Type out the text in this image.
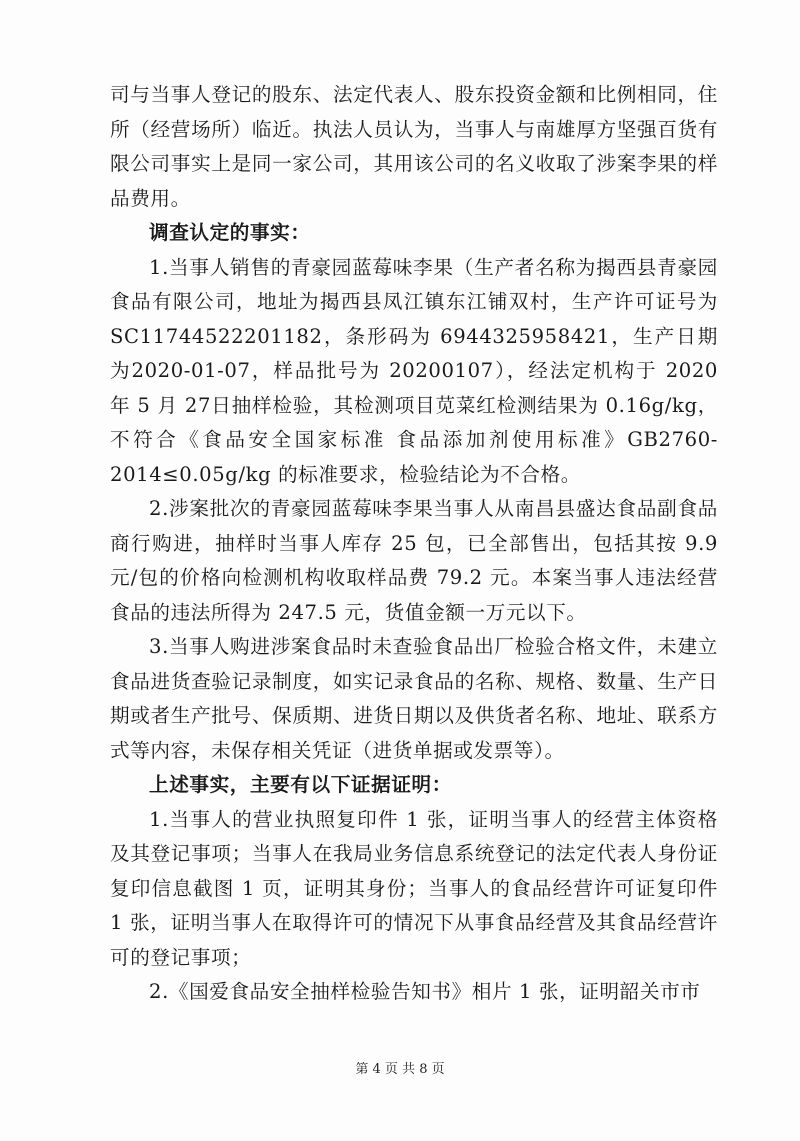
司与当事人登记的股东、法定代表人、股东投资金额和比例相同，住所（经营场所）临近。执法人员认为，当事人与南雄厚方坚强百货有限公司事实上是同一家公司，其用该公司的名义收取了涉案李果的样品费用。

调查认定的事实：

1.当事人销售的青豪园蓝莓味李果（生产者名称为揭西县青豪园食品有限公司，地址为揭西县凤江镇东江铺双村，生产许可证号为 SC11744522201182，条形码为 6944325958421，生产日期为2020-01-07，样品批号为 20200107），经法定机构于 2020 年 5 月 27日抽样检验，其检测项目苋菜红检测结果为 0.16g/kg，不符合《食品安全国家标准 食品添加剂使用标准》GB2760-2014≤0.05g/kg 的标准要求，检验结论为不合格。

2.涉案批次的青豪园蓝莓味李果当事人从南昌县盛达食品副食品商行购进，抽样时当事人库存 25 包，已全部售出，包括其按 9.9元/包的价格向检测机构收取样品费 79.2 元。本案当事人违法经营食品的违法所得为 247.5 元，货值金额一万元以下。

3.当事人购进涉案食品时未查验食品出厂检验合格文件，未建立食品进货查验记录制度，如实记录食品的名称、规格、数量、生产日期或者生产批号、保质期、进货日期以及供货者名称、地址、联系方式等内容，未保存相关凭证（进货单据或发票等）。

上述事实，主要有以下证据证明：

1.当事人的营业执照复印件 1 张，证明当事人的经营主体资格及其登记事项；当事人在我局业务信息系统登记的法定代表人身份证复印信息截图 1 页，证明其身份；当事人的食品经营许可证复印件 1 张，证明当事人在取得许可的情况下从事食品经营及其食品经营许可的登记事项；

2.《国爱食品安全抽样检验告知书》相片 1 张，证明韶关市市

第 4 页 共 8 页
